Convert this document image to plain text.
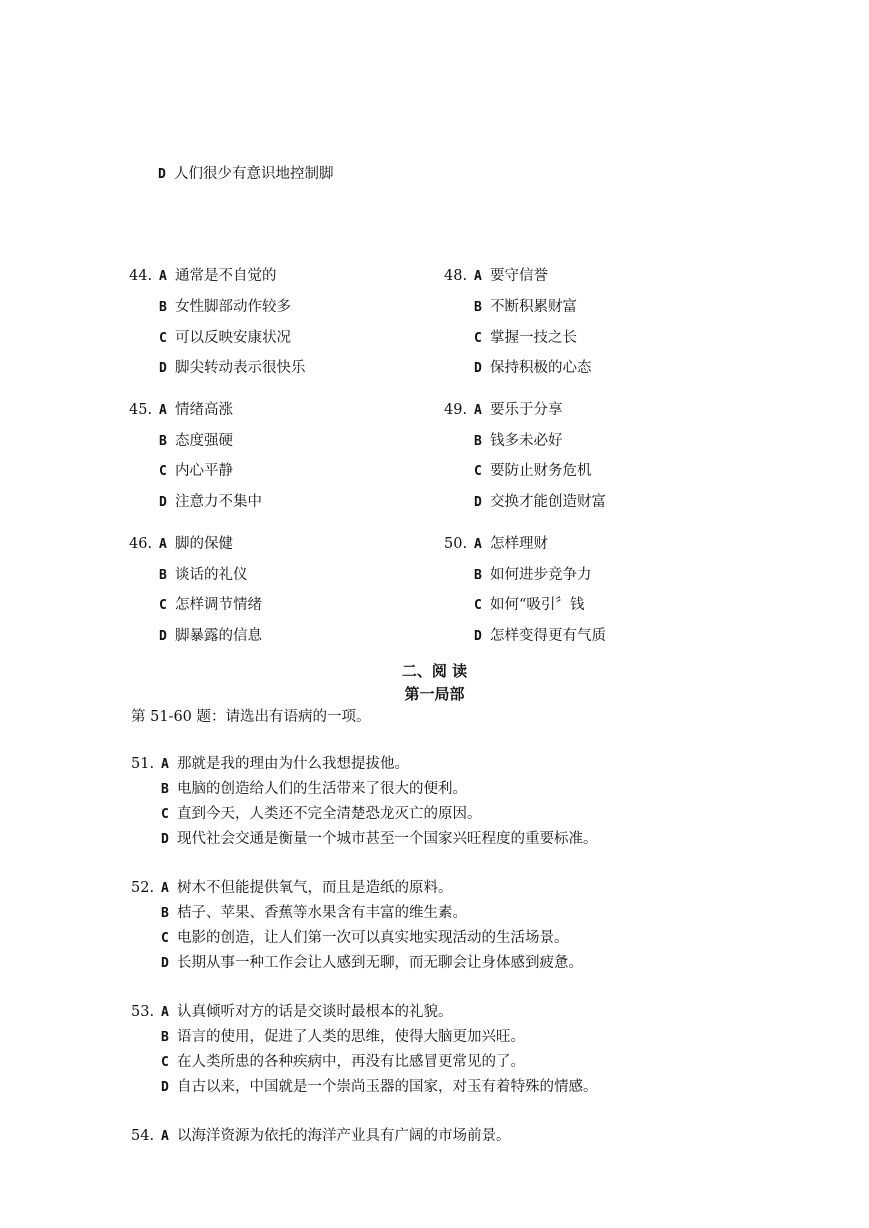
D 人们很少有意识地控制脚
44. A 通常是不自觉的
B 女性脚部动作较多
C 可以反映安康状况
D 脚尖转动表示很快乐
45. A 情绪高涨
B 态度强硬
C 内心平静
D 注意力不集中
46. A 脚的保健
B 谈话的礼仪
C 怎样调节情绪
D 脚暴露的信息
48. A 要守信誉
B 不断积累财富
C 掌握一技之长
D 保持积极的心态
49. A 要乐于分享
B 钱多未必好
C 要防止财务危机
D 交换才能创造财富
50. A 怎样理财
B 如何进步竞争力
C 如何“吸引〞钱
D 怎样变得更有气质
二、阅 读
第一局部
第 51-60 题：请选出有语病的一项。
51. A 那就是我的理由为什么我想提拔他。
B 电脑的创造给人们的生活带来了很大的便利。
C 直到今天，人类还不完全清楚恐龙灭亡的原因。
D 现代社会交通是衡量一个城市甚至一个国家兴旺程度的重要标准。
52. A 树木不但能提供氧气，而且是造纸的原料。
B 桔子、苹果、香蕉等水果含有丰富的维生素。
C 电影的创造，让人们第一次可以真实地实现活动的生活场景。
D 长期从事一种工作会让人感到无聊，而无聊会让身体感到疲惫。
53. A 认真倾听对方的话是交谈时最根本的礼貌。
B 语言的使用，促进了人类的思维，使得大脑更加兴旺。
C 在人类所患的各种疾病中，再没有比感冒更常见的了。
D 自古以来，中国就是一个崇尚玉器的国家，对玉有着特殊的情感。
54. A 以海洋资源为依托的海洋产业具有广阔的市场前景。
